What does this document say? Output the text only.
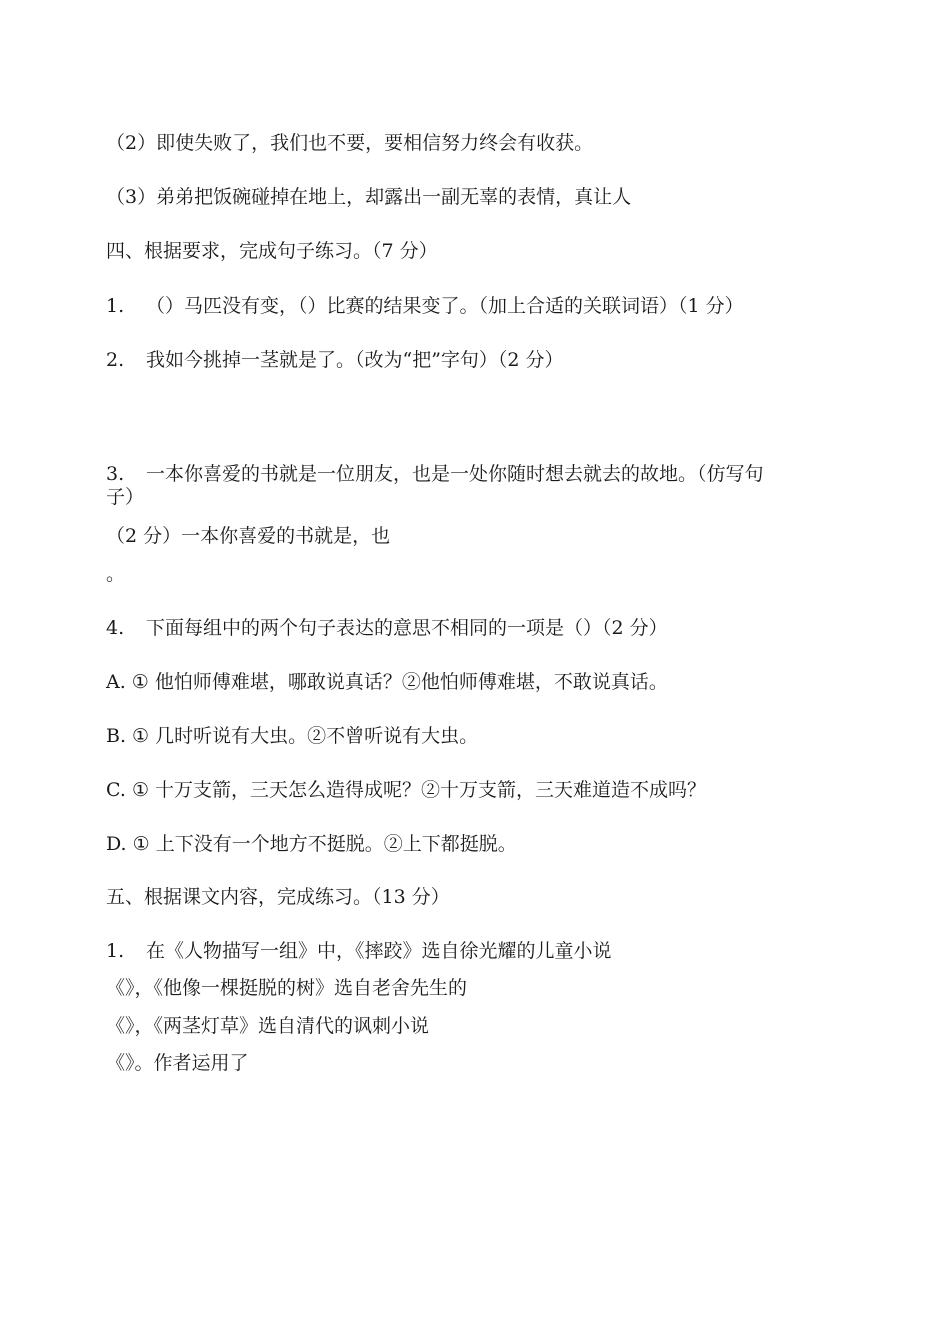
（2）即使失败了，我们也不要，要相信努力终会有收获。
（3）弟弟把饭碗碰掉在地上，却露出一副无辜的表情，真让人
四、根据要求，完成句子练习。（7 分）
1. （）马匹没有变，（）比赛的结果变了。（加上合适的关联词语）（1 分）
2. 我如今挑掉一茎就是了。（改为“把”字句）（2 分）
3. 一本你喜爱的书就是一位朋友，也是一处你随时想去就去的故地。（仿写句
子）
（2 分）一本你喜爱的书就是，也
。
4. 下面每组中的两个句子表达的意思不相同的一项是（）（2 分）
A. ① 他怕师傅难堪，哪敢说真话？②他怕师傅难堪，不敢说真话。
B. ① 几时听说有大虫。②不曾听说有大虫。
C. ① 十万支箭，三天怎么造得成呢？②十万支箭，三天难道造不成吗？
D. ① 上下没有一个地方不挺脱。②上下都挺脱。
五、根据课文内容，完成练习。（13 分）
1. 在《人物描写一组》中，《摔跤》选自徐光耀的儿童小说
《》，《他像一棵挺脱的树》选自老舍先生的
《》，《两茎灯草》选自清代的讽刺小说
《》。作者运用了
